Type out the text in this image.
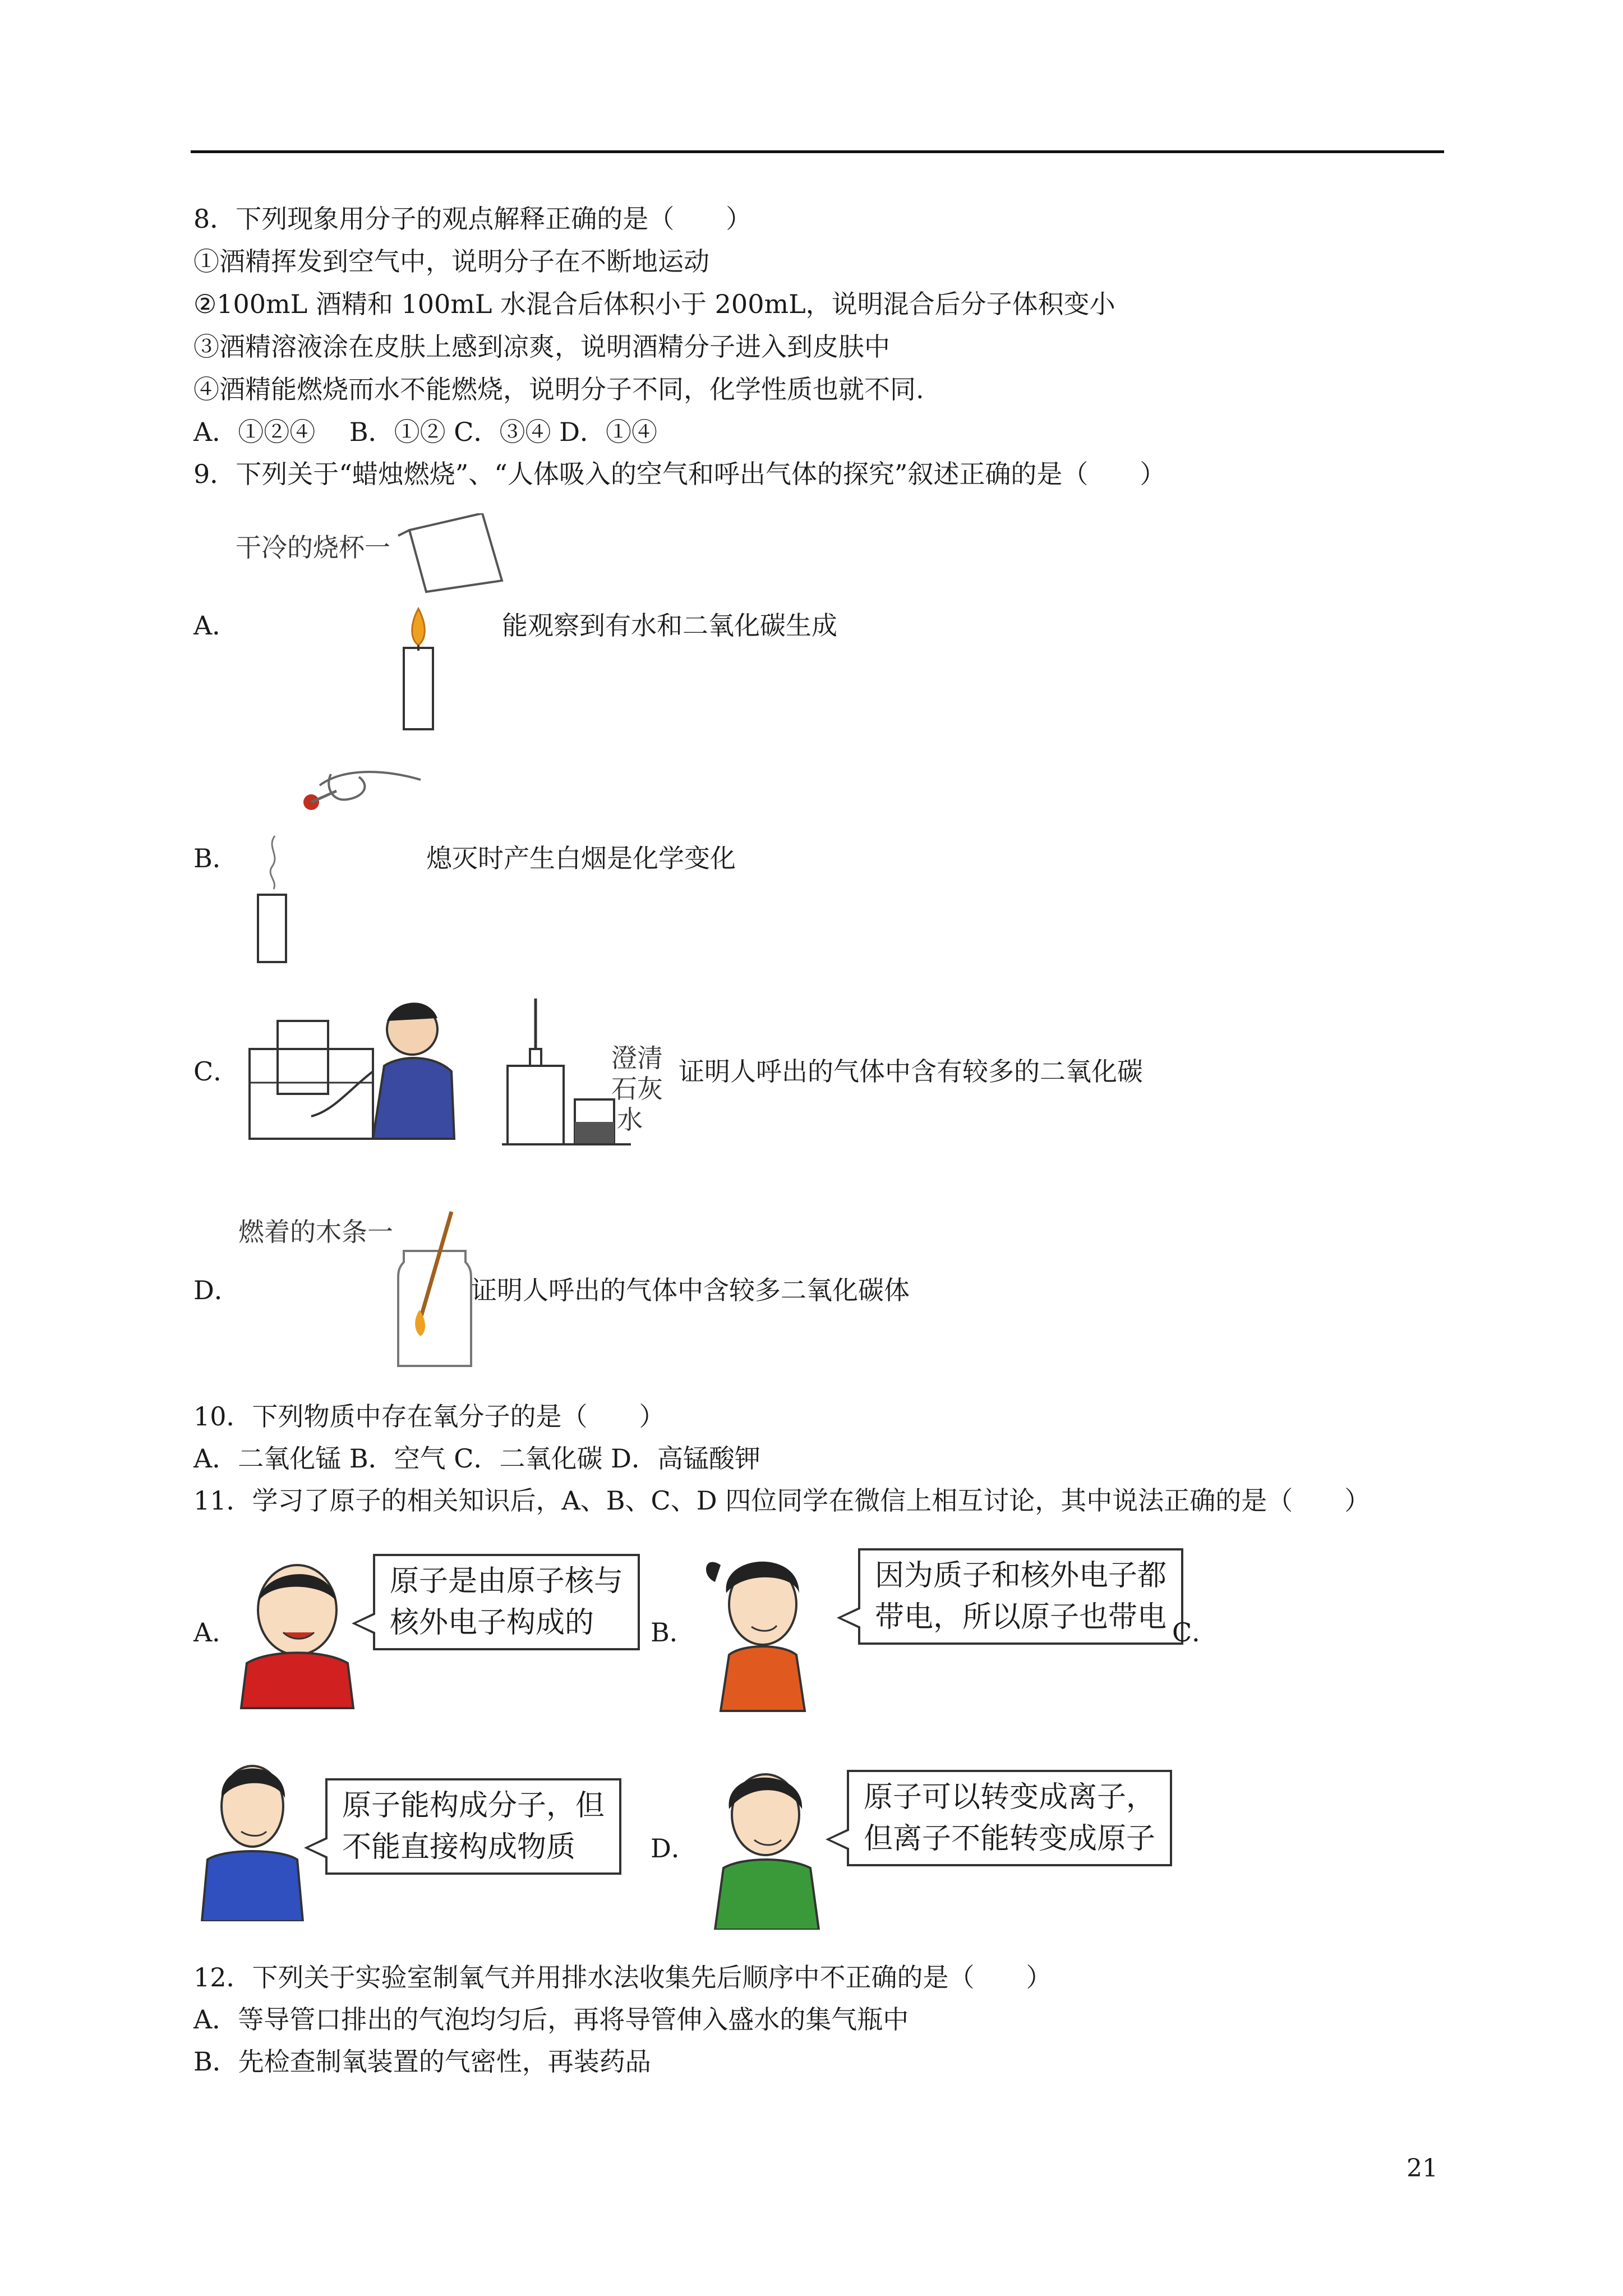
8．下列现象用分子的观点解释正确的是（　　）
①酒精挥发到空气中，说明分子在不断地运动
②100mL 酒精和 100mL 水混合后体积小于 200mL，说明混合后分子体积变小
③酒精溶液涂在皮肤上感到凉爽，说明酒精分子进入到皮肤中
④酒精能燃烧而水不能燃烧，说明分子不同，化学性质也就不同.
A．①②④　 B．①② C．③④ D．①④
9．下列关于“蜡烛燃烧”、“人体吸入的空气和呼出气体的探究”叙述正确的是（　　）
A．
干冷的烧杯一
能观察到有水和二氧化碳生成
B．	熄灭时产生白烟是化学变化
C．	澄清
石灰
水
证明人呼出的气体中含有较多的二氧化碳
D．
燃着的木条一
证明人呼出的气体中含较多二氧化碳体
10．下列物质中存在氧分子的是（　　）
A．二氧化锰 B．空气 C．二氧化碳 D．高锰酸钾
11．学习了原子的相关知识后，A、B、C、D 四位同学在微信上相互讨论，其中说法正确的是（　　）
A．
原子是由原子核与
核外电子构成的	B．
因为质子和核外电子都
带电，所以原子也带电 C．
原子能构成分子，但
不能直接构成物质	D．
原子可以转变成离子，
但离子不能转变成原子
12．下列关于实验室制氧气并用排水法收集先后顺序中不正确的是（　　）
A．等导管口排出的气泡均匀后，再将导管伸入盛水的集气瓶中
B．先检查制氧装置的气密性，再装药品
21
